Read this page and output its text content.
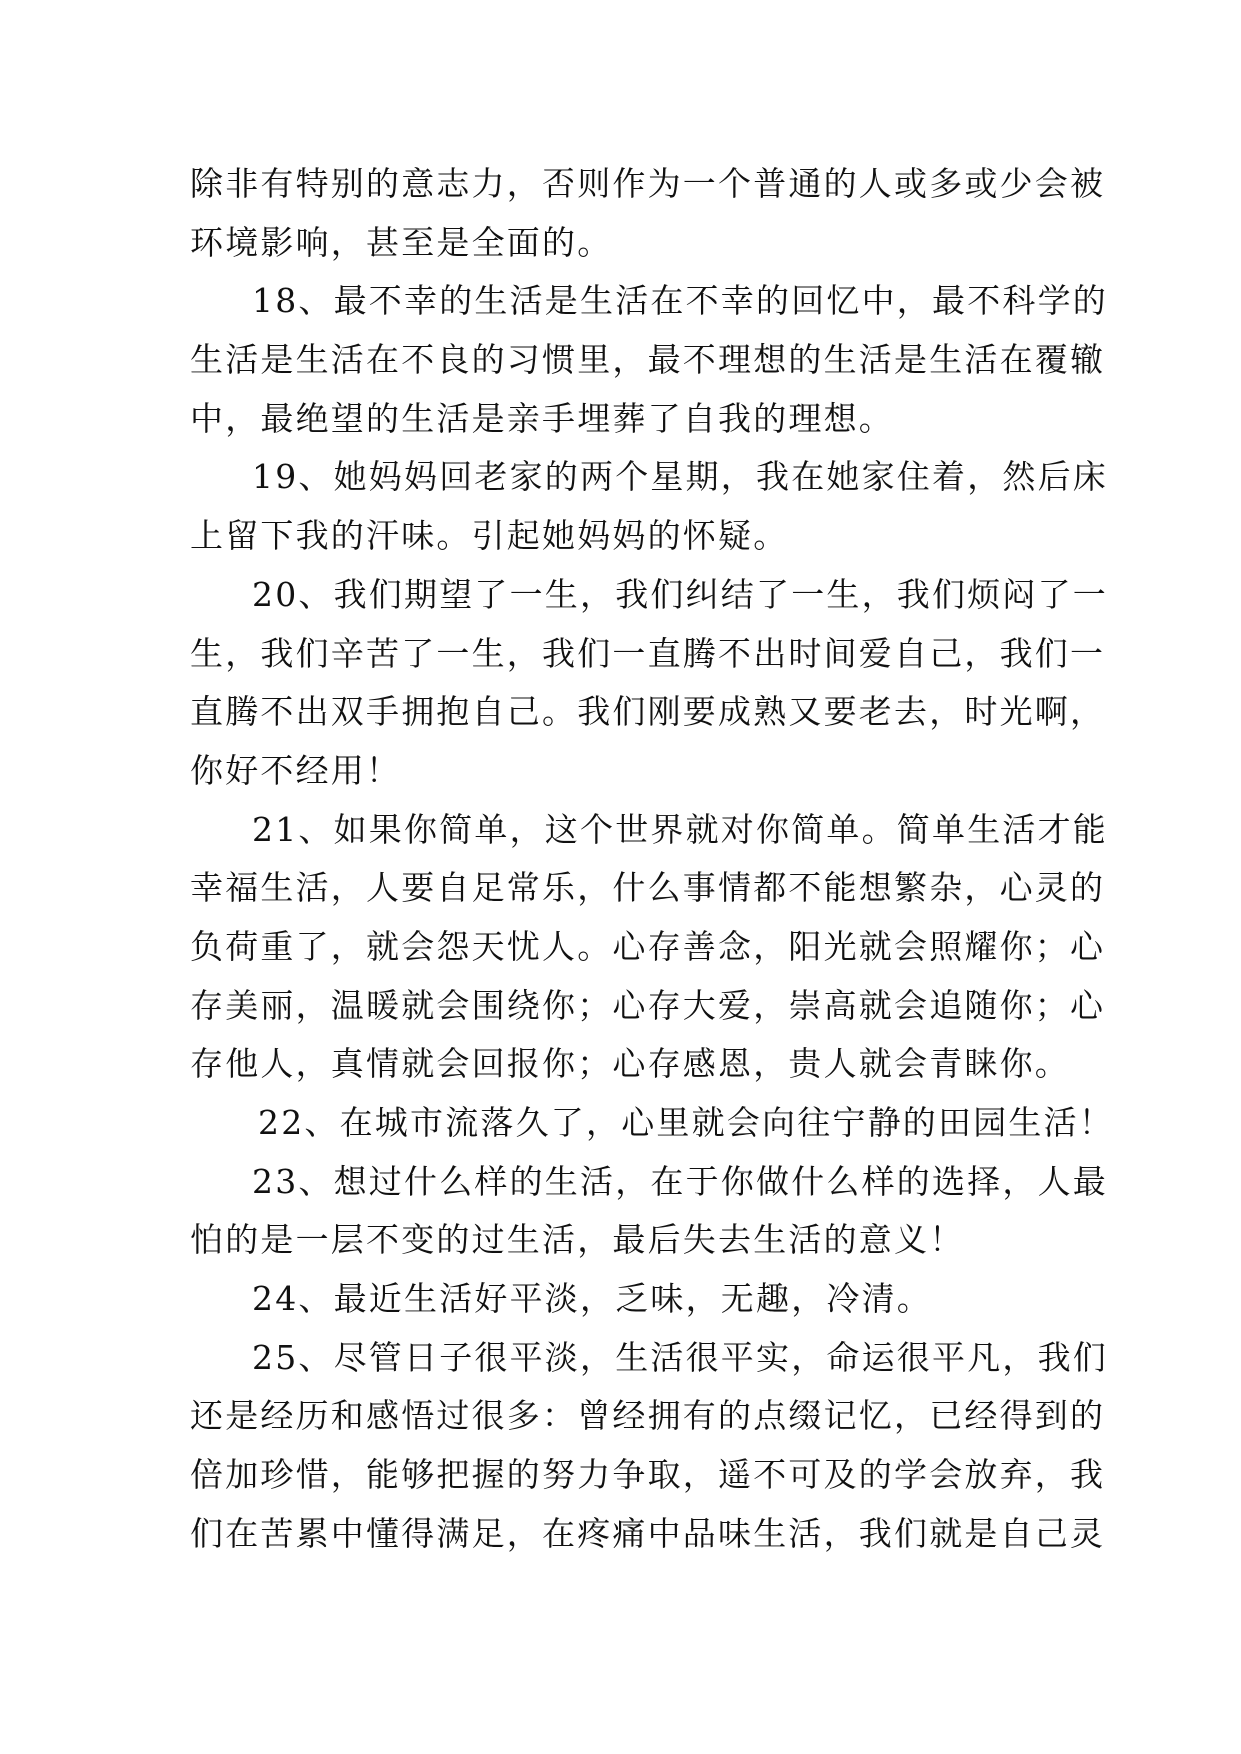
除非有特别的意志力，否则作为一个普通的人或多或少会被
环境影响，甚至是全面的。
18、最不幸的生活是生活在不幸的回忆中，最不科学的
生活是生活在不良的习惯里，最不理想的生活是生活在覆辙
中，最绝望的生活是亲手埋葬了自我的理想。
19、她妈妈回老家的两个星期，我在她家住着，然后床
上留下我的汗味。引起她妈妈的怀疑。
20、我们期望了一生，我们纠结了一生，我们烦闷了一
生，我们辛苦了一生，我们一直腾不出时间爱自己，我们一
直腾不出双手拥抱自己。我们刚要成熟又要老去，时光啊，
你好不经用！
21、如果你简单，这个世界就对你简单。简单生活才能
幸福生活，人要自足常乐，什么事情都不能想繁杂，心灵的
负荷重了，就会怨天忧人。心存善念，阳光就会照耀你；心
存美丽，温暖就会围绕你；心存大爱，崇高就会追随你；心
存他人，真情就会回报你；心存感恩，贵人就会青睐你。
22、在城市流落久了，心里就会向往宁静的田园生活！
23、想过什么样的生活，在于你做什么样的选择，人最
怕的是一层不变的过生活，最后失去生活的意义！
24、最近生活好平淡，乏味，无趣，冷清。
25、尽管日子很平淡，生活很平实，命运很平凡，我们
还是经历和感悟过很多：曾经拥有的点缀记忆，已经得到的
倍加珍惜，能够把握的努力争取，遥不可及的学会放弃，我
们在苦累中懂得满足，在疼痛中品味生活，我们就是自己灵
